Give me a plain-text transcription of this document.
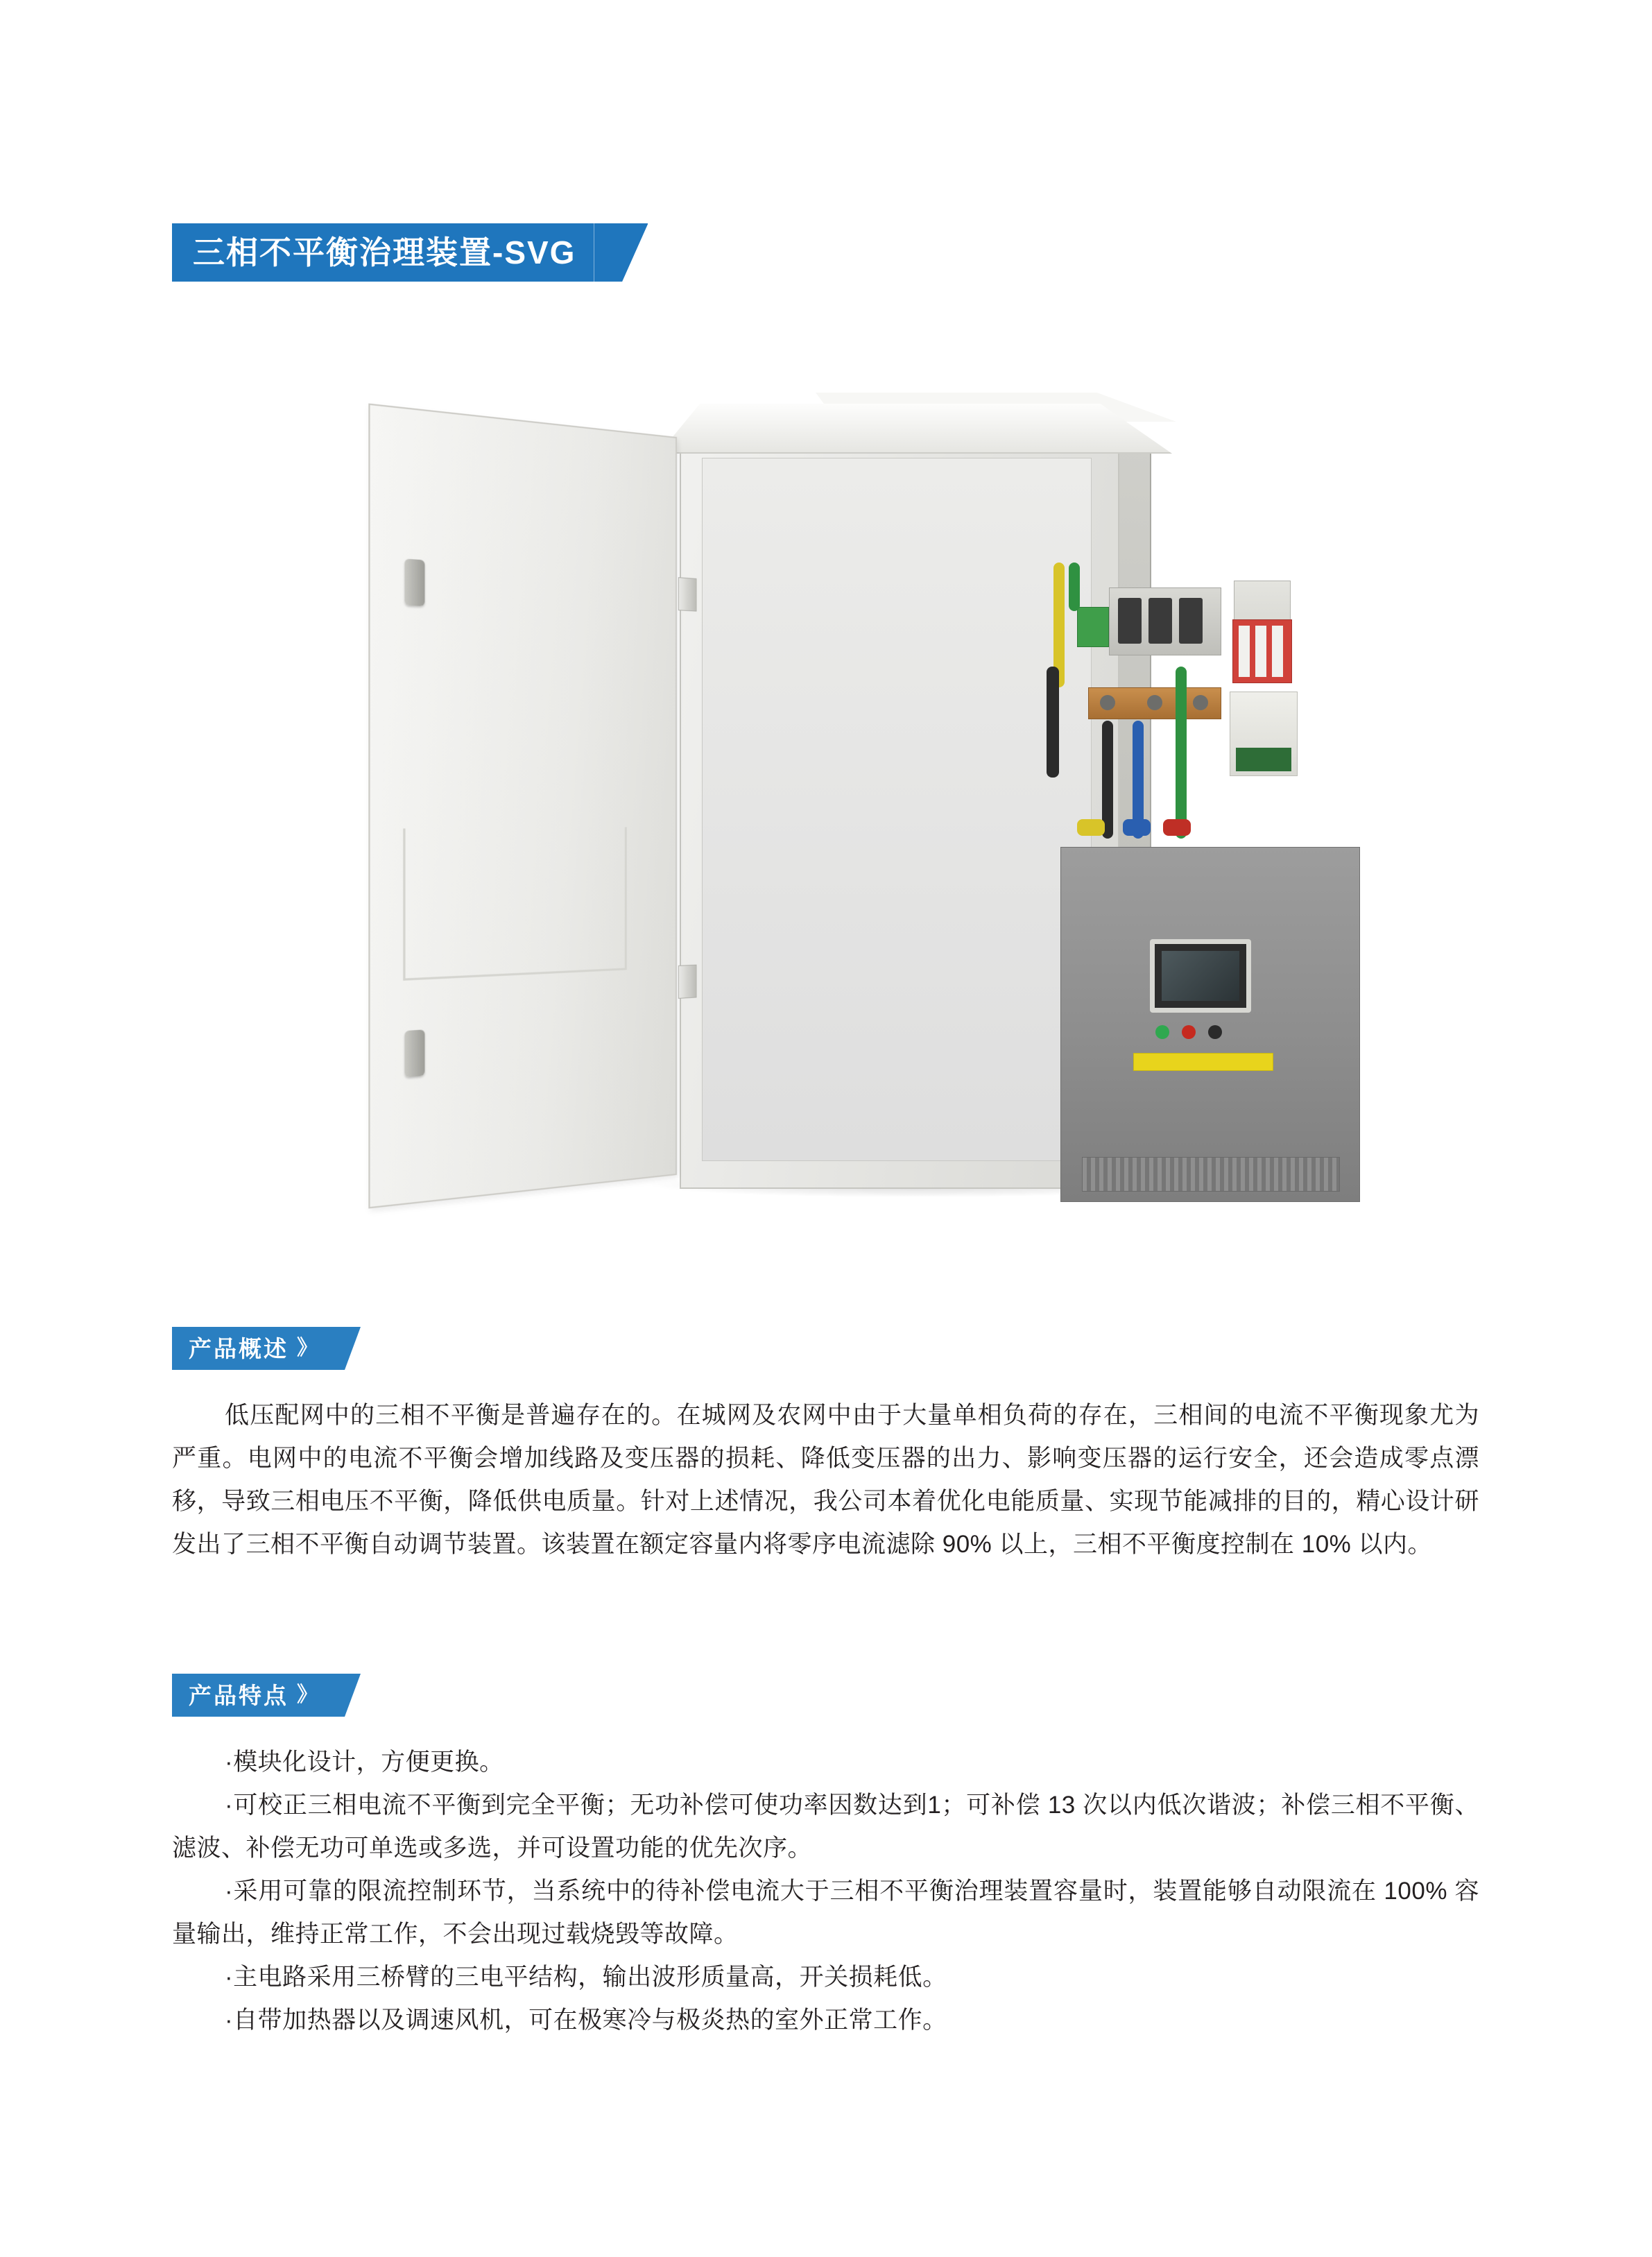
三相不平衡治理装置-SVG
产品概述 》
低压配网中的三相不平衡是普遍存在的。在城网及农网中由于大量单相负荷的存在，三相间的电流不平衡现象尤为严重。电网中的电流不平衡会增加线路及变压器的损耗、降低变压器的出力、影响变压器的运行安全，还会造成零点漂移，导致三相电压不平衡，降低供电质量。针对上述情况，我公司本着优化电能质量、实现节能减排的目的，精心设计研发出了三相不平衡自动调节装置。该装置在额定容量内将零序电流滤除 90% 以上，三相不平衡度控制在 10% 以内。
产品特点 》
·模块化设计，方便更换。
·可校正三相电流不平衡到完全平衡；无功补偿可使功率因数达到1；可补偿 13 次以内低次谐波；补偿三相不平衡、滤波、补偿无功可单选或多选，并可设置功能的优先次序。
·采用可靠的限流控制环节，当系统中的待补偿电流大于三相不平衡治理装置容量时，装置能够自动限流在 100% 容量输出，维持正常工作，不会出现过载烧毁等故障。
·主电路采用三桥臂的三电平结构，输出波形质量高，开关损耗低。
·自带加热器以及调速风机，可在极寒冷与极炎热的室外正常工作。
